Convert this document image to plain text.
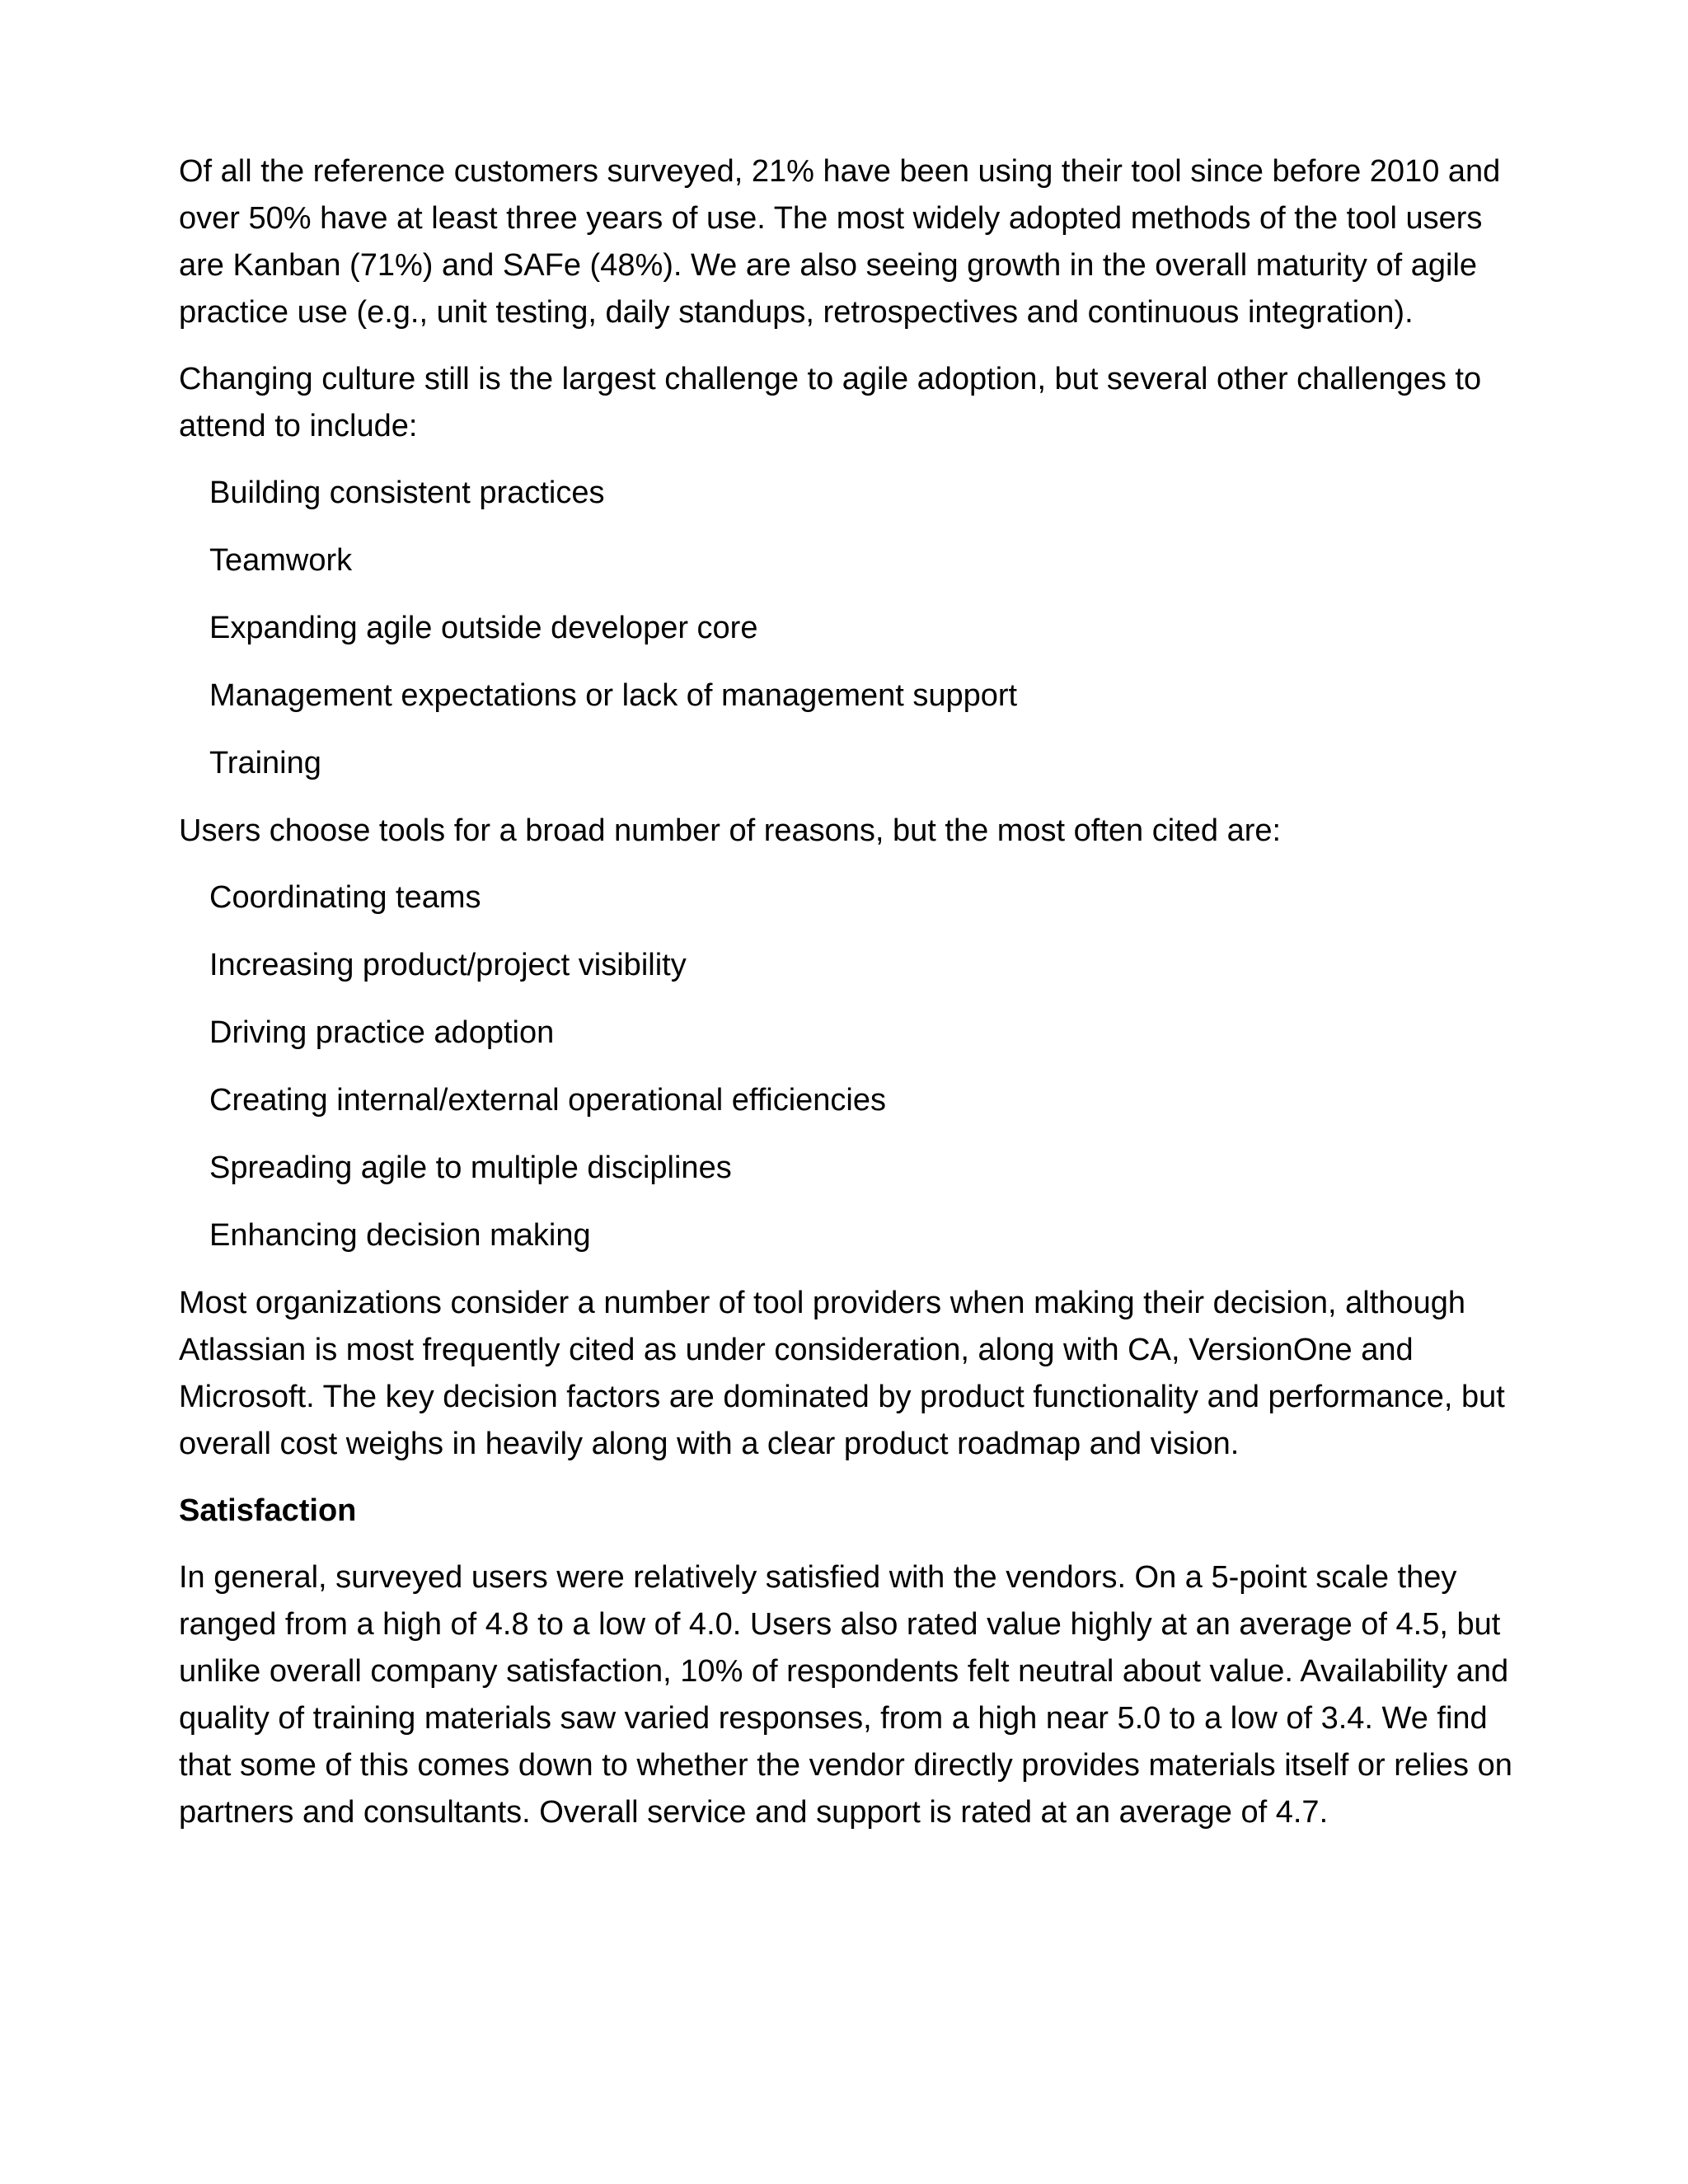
Of all the reference customers surveyed, 21% have been using their tool since before 2010 and over 50% have at least three years of use. The most widely adopted methods of the tool users are Kanban (71%) and SAFe (48%). We are also seeing growth in the overall maturity of agile practice use (e.g., unit testing, daily standups, retrospectives and continuous integration).

Changing culture still is the largest challenge to agile adoption, but several other challenges to attend to include:

Building consistent practices
Teamwork
Expanding agile outside developer core
Management expectations or lack of management support
Training

Users choose tools for a broad number of reasons, but the most often cited are:

Coordinating teams
Increasing product/project visibility
Driving practice adoption
Creating internal/external operational efficiencies
Spreading agile to multiple disciplines
Enhancing decision making

Most organizations consider a number of tool providers when making their decision, although Atlassian is most frequently cited as under consideration, along with CA, VersionOne and Microsoft. The key decision factors are dominated by product functionality and performance, but overall cost weighs in heavily along with a clear product roadmap and vision.

Satisfaction

In general, surveyed users were relatively satisfied with the vendors. On a 5-point scale they ranged from a high of 4.8 to a low of 4.0. Users also rated value highly at an average of 4.5, but unlike overall company satisfaction, 10% of respondents felt neutral about value. Availability and quality of training materials saw varied responses, from a high near 5.0 to a low of 3.4. We find that some of this comes down to whether the vendor directly provides materials itself or relies on partners and consultants. Overall service and support is rated at an average of 4.7.
